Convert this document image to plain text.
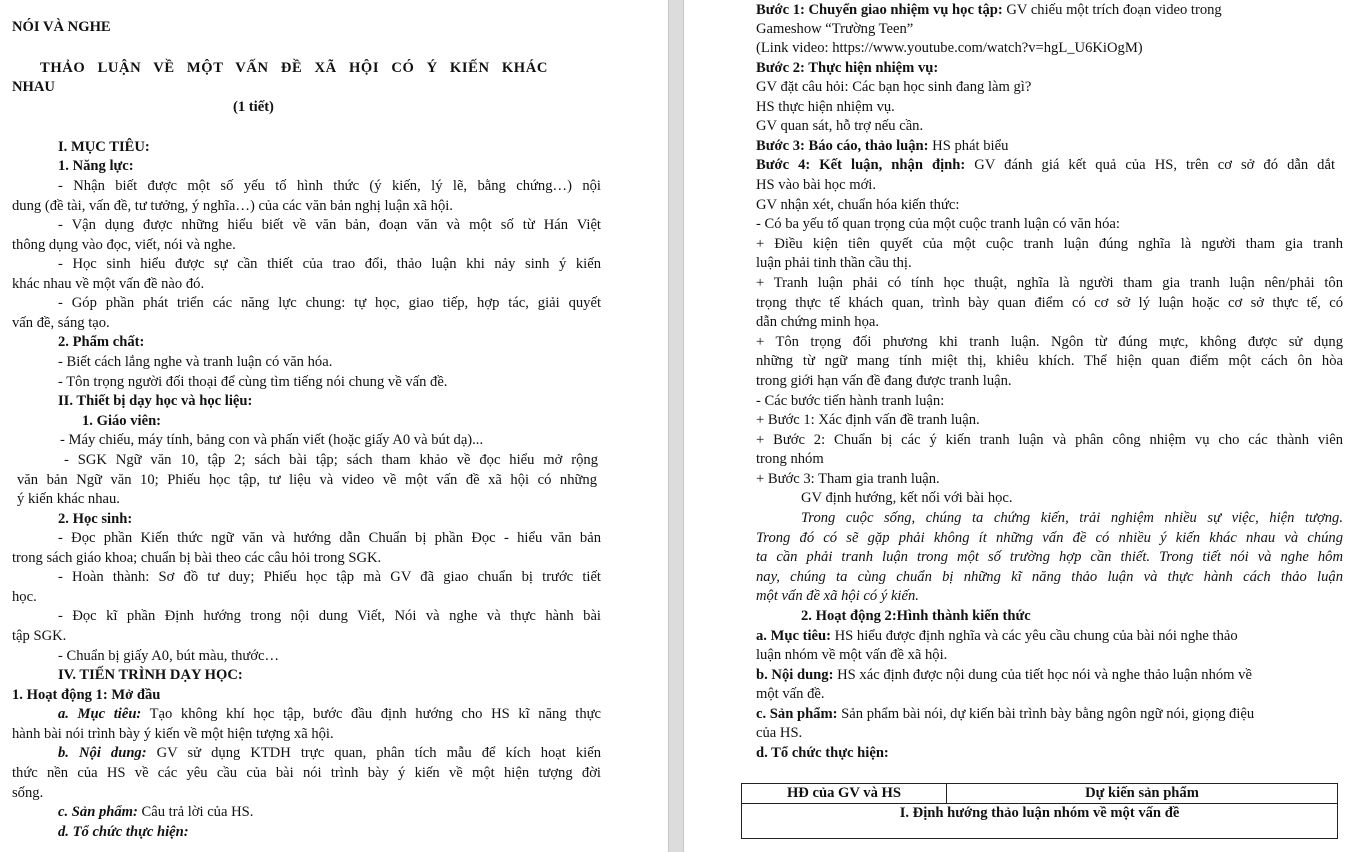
NÓI VÀ NGHE
THẢO LUẬN VỀ MỘT VẤN ĐỀ XÃ HỘI CÓ Ý KIẾN KHÁC
NHAU
(1 tiết)
I. MỤC TIÊU:
1. Năng lực:
- Nhận biết được một số yếu tố hình thức (ý kiến, lý lẽ, bằng chứng…) nội
dung (đề tài, vấn đề, tư tưởng, ý nghĩa…) của các văn bản nghị luận xã hội.
- Vận dụng được những hiểu biết về văn bản, đoạn văn và một số từ Hán Việt
thông dụng vào đọc, viết, nói và nghe.
- Học sinh hiểu được sự cần thiết của trao đổi, thảo luận khi nảy sinh ý kiến
khác nhau về một vấn đề nào đó.
- Góp phần phát triển các năng lực chung: tự học, giao tiếp, hợp tác, giải quyết
vấn đề, sáng tạo.
2. Phẩm chất:
- Biết cách lắng nghe và tranh luận có văn hóa.
- Tôn trọng người đối thoại để cùng tìm tiếng nói chung về vấn đề.
II. Thiết bị dạy học và học liệu:
1. Giáo viên:
- Máy chiếu, máy tính, bảng con và phấn viết (hoặc giấy A0 và bút dạ)...
- SGK Ngữ văn 10, tập 2; sách bài tập; sách tham khảo về đọc hiểu mở rộng
văn bản Ngữ văn 10; Phiếu học tập, tư liệu và video về một vấn đề xã hội có những
ý kiến khác nhau.
2. Học sinh:
- Đọc phần Kiến thức ngữ văn và hướng dẫn Chuẩn bị phần Đọc - hiểu văn bản
trong sách giáo khoa; chuẩn bị bài theo các câu hỏi trong SGK.
- Hoàn thành: Sơ đồ tư duy; Phiếu học tập mà GV đã giao chuẩn bị trước tiết
học.
- Đọc kĩ phần Định hướng trong nội dung Viết, Nói và nghe và thực hành bài
tập SGK.
- Chuẩn bị giấy A0, bút màu, thước…
IV. TIẾN TRÌNH DẠY HỌC:
1. Hoạt động 1: Mở đầu
a. Mục tiêu: Tạo không khí học tập, bước đầu định hướng cho HS kĩ năng thực
hành bài nói trình bày ý kiến về một hiện tượng xã hội.
b. Nội dung: GV sử dụng KTDH trực quan, phân tích mẫu để kích hoạt kiến
thức nền của HS về các yêu cầu của bài nói trình bày ý kiến về một hiện tượng đời
sống.
c. Sản phẩm: Câu trả lời của HS.
d. Tổ chức thực hiện:
HĐ của GV và HS	Dự kiến sản phẩm
I. Định hướng thảo luận nhóm về một vấn đề
Bước 1: Chuyển giao nhiệm vụ học tập: GV chiếu một trích đoạn video trong
Gameshow “Trường Teen”
(Link video: https://www.youtube.com/watch?v=hgL_U6KiOgM)
Bước 2: Thực hiện nhiệm vụ:
GV đặt câu hỏi: Các bạn học sinh đang làm gì?
HS thực hiện nhiệm vụ.
GV quan sát, hỗ trợ nếu cần.
Bước 3: Báo cáo, thảo luận: HS phát biểu
Bước 4: Kết luận, nhận định: GV đánh giá kết quả của HS, trên cơ sở đó dẫn dắt
HS vào bài học mới.
GV nhận xét, chuẩn hóa kiến thức:
- Có ba yếu tố quan trọng của một cuộc tranh luận có văn hóa:
+ Điều kiện tiên quyết của một cuộc tranh luận đúng nghĩa là người tham gia tranh
luận phải tinh thần cầu thị.
+ Tranh luận phải có tính học thuật, nghĩa là người tham gia tranh luận nên/phải tôn
trọng thực tế khách quan, trình bày quan điểm có cơ sở lý luận hoặc cơ sở thực tế, có
dẫn chứng minh họa.
+ Tôn trọng đối phương khi tranh luận. Ngôn từ đúng mực, không được sử dụng
những từ ngữ mang tính miệt thị, khiêu khích. Thể hiện quan điểm một cách ôn hòa
trong giới hạn vấn đề đang được tranh luận.
- Các bước tiến hành tranh luận:
+ Bước 1: Xác định vấn đề tranh luận.
+ Bước 2: Chuẩn bị các ý kiến tranh luận và phân công nhiệm vụ cho các thành viên
trong nhóm
+ Bước 3: Tham gia tranh luận.
GV định hướng, kết nối với bài học.
Trong cuộc sống, chúng ta chứng kiến, trải nghiệm nhiều sự việc, hiện tượng.
Trong đó có sẽ gặp phải không ít những vấn đề có nhiều ý kiến khác nhau và chúng
ta cần phải tranh luận trong một số trường hợp cần thiết. Trong tiết nói và nghe hôm
nay, chúng ta cùng chuẩn bị những kĩ năng thảo luận và thực hành cách thảo luận
một vấn đề xã hội có ý kiến.
2. Hoạt động 2:Hình thành kiến thức
a. Mục tiêu: HS hiểu được định nghĩa và các yêu cầu chung của bài nói nghe thảo
luận nhóm về một vấn đề xã hội.
b. Nội dung: HS xác định được nội dung của tiết học nói và nghe thảo luận nhóm về
một vấn đề.
c. Sản phẩm: Sản phẩm bài nói, dự kiến bài trình bày bằng ngôn ngữ nói, giọng điệu
của HS.
d. Tổ chức thực hiện:
